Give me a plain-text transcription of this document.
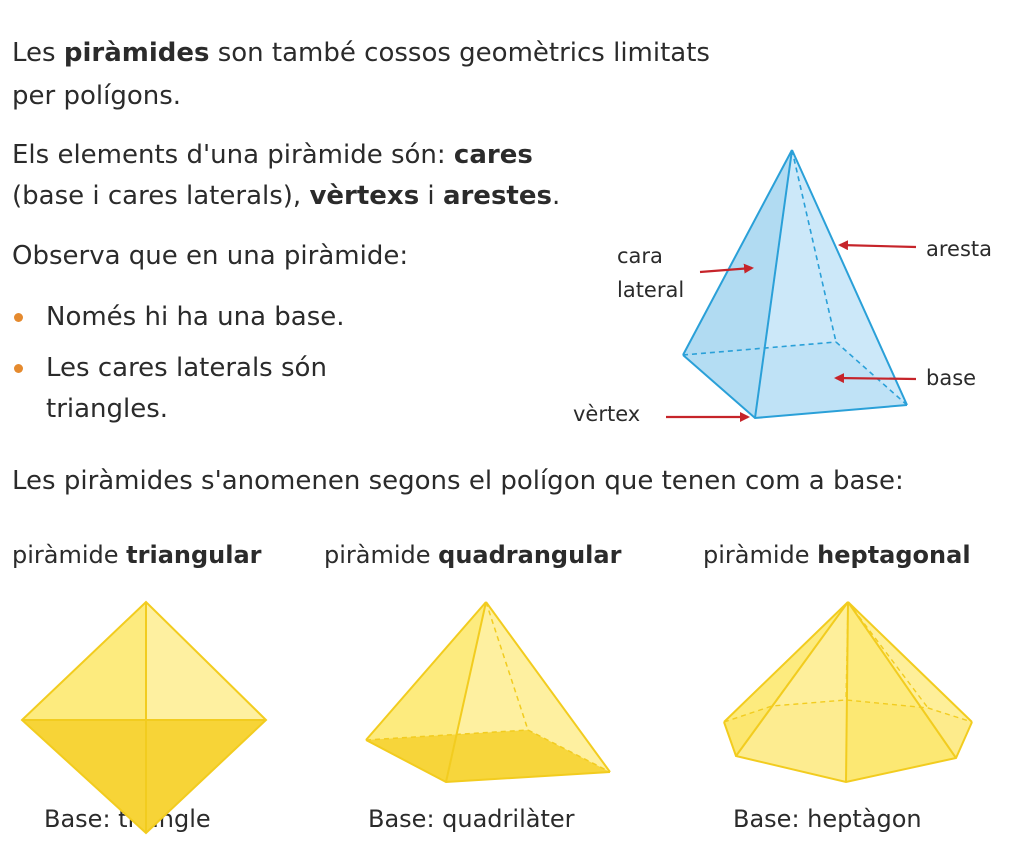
Les piràmides son també cossos geomètrics limitats

per polígons.

Els elements d'una piràmide són: cares

(base i cares laterals), vèrtexs i arestes.

Observa que en una piràmide:

Només hi ha una base.

Les cares laterals són

triangles.

cara
lateral
aresta
base
vèrtex

Les piràmides s'anomenen segons el polígon que tenen com a base:

piràmide triangular	piràmide quadrangular	piràmide heptagonal

Base: triangle	Base: quadrilàter	Base: heptàgon
